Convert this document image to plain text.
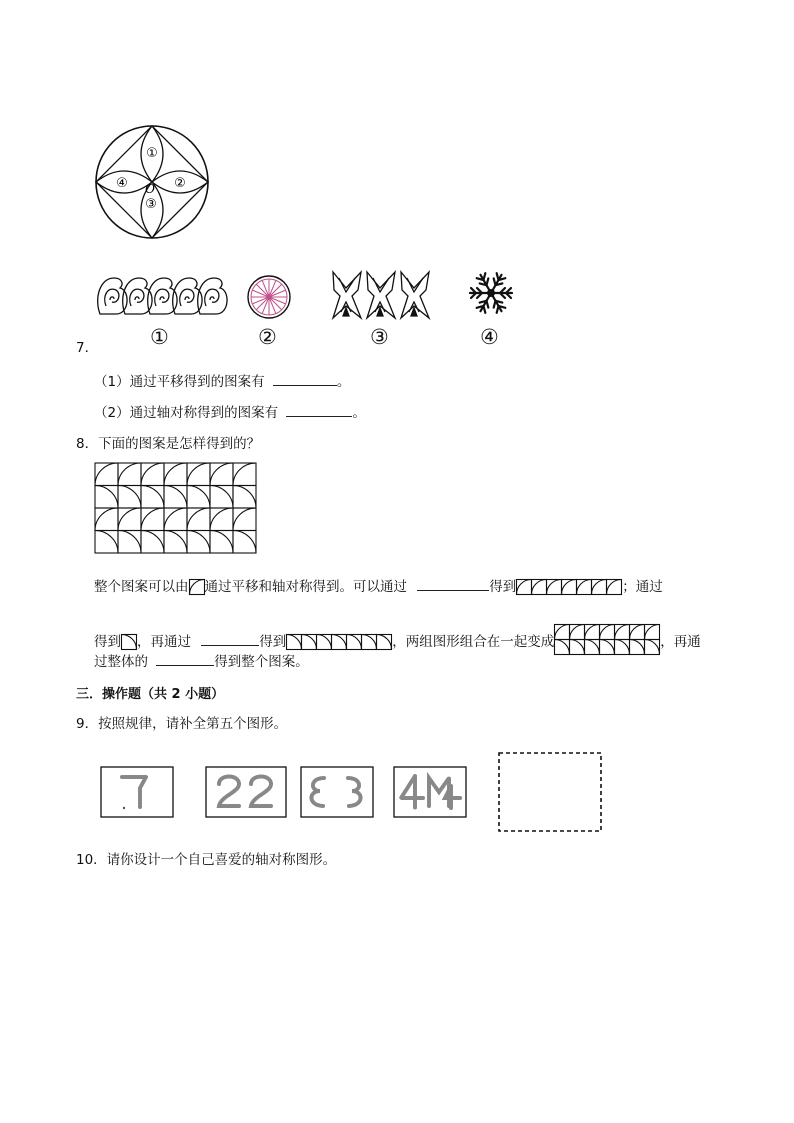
①
②
③
④ O
①	②	③	④
7．
（1）通过平移得到的图案有	。
（2）通过轴对称得到的图案有	。
8．下面的图案是怎样得到的？
整个图案可以由 通过平移和轴对称得到。可以通过	得到	；通过
得到 ，再通过	得到	，两组图形组合在一起变成	，再通
过整体的	得到整个图案。
三．操作题（共 2 小题）
9．按照规律，请补全第五个图形。
10．请你设计一个自己喜爱的轴对称图形。
